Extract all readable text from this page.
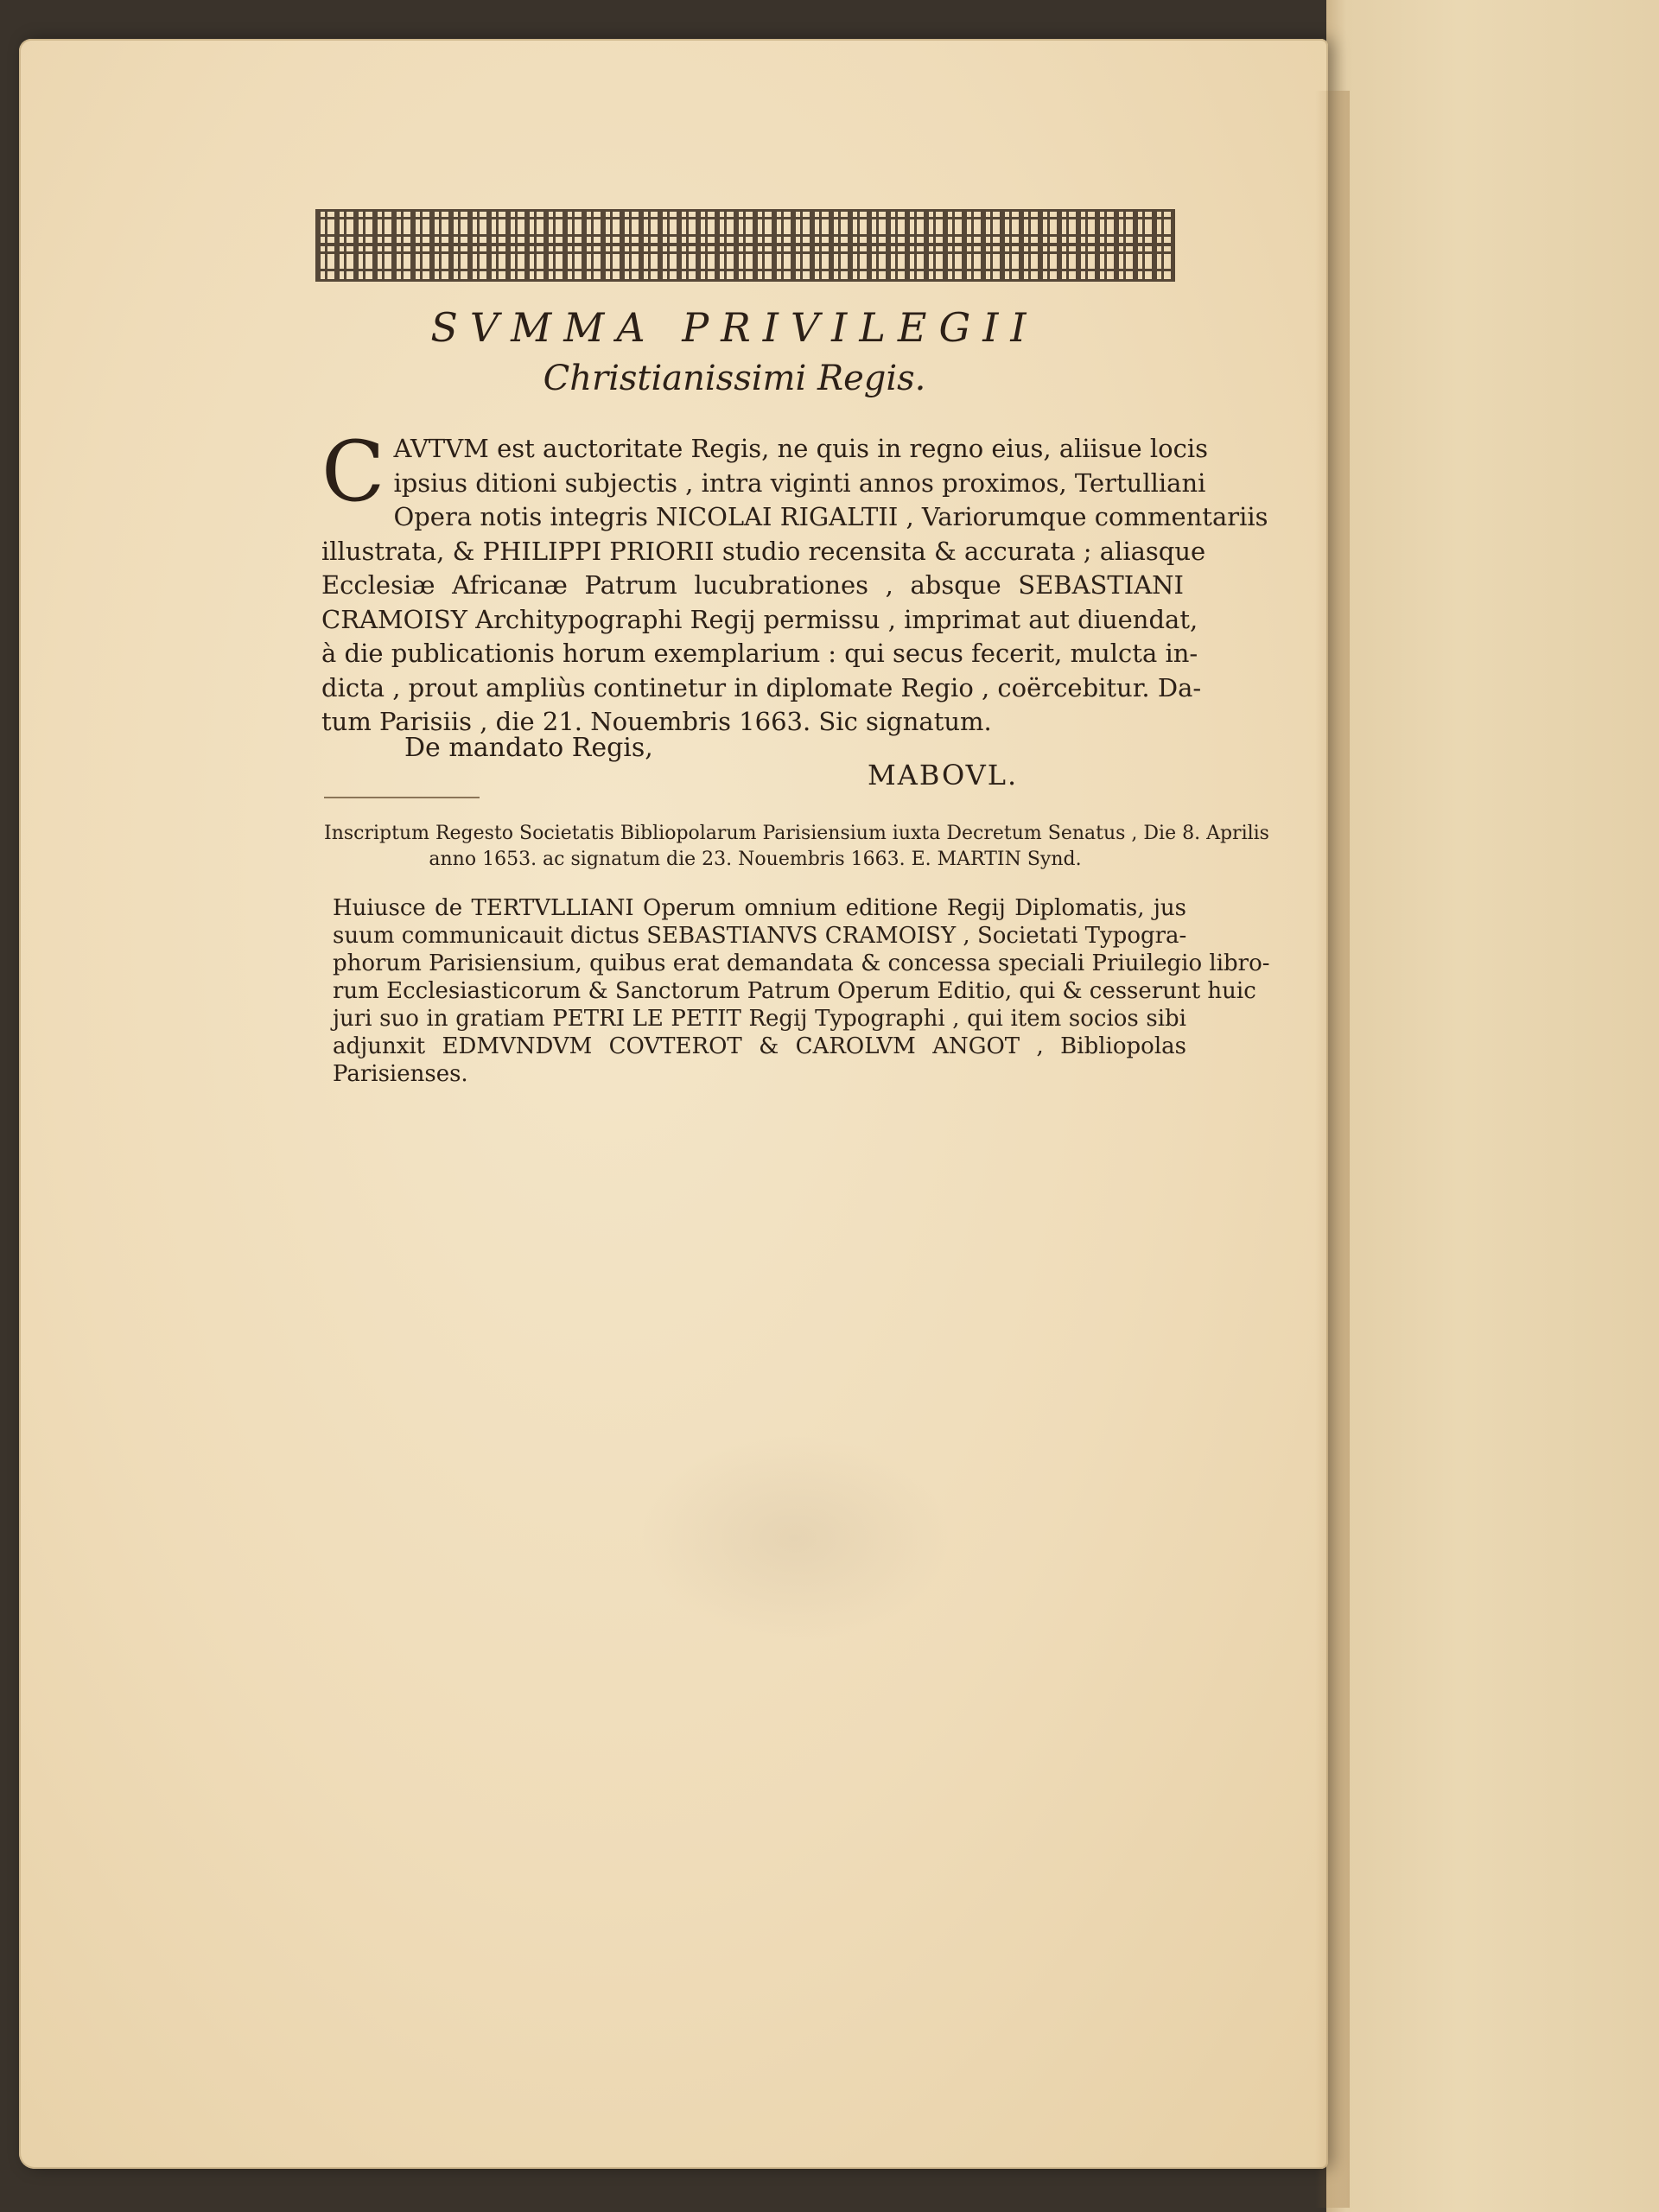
SVMMA PRIVILEGII
Christianissimi Regis.
C AVTVM est auctoritate Regis, ne quis in regno eius, aliisue locis
ipsius ditioni subjectis , intra viginti annos proximos, Tertulliani
Opera notis integris NICOLAI RIGALTII , Variorumque commentariis
illustrata, & PHILIPPI PRIORII studio recensita & accurata ; aliasque
Ecclesiæ Africanæ Patrum lucubrationes , absque SEBASTIANI
CRAMOISY Architypographi Regij permissu , imprimat aut diuendat,
à die publicationis horum exemplarium : qui secus fecerit, mulcta in-
dicta , prout ampliùs continetur in diplomate Regio , coërcebitur. Da-
tum Parisiis , die 21. Nouembris 1663. Sic signatum.
De mandato Regis,
MABOVL.
Inscriptum Regesto Societatis Bibliopolarum Parisiensium iuxta Decretum Senatus , Die 8. Aprilis
anno 1653. ac signatum die 23. Nouembris 1663. E. MARTIN Synd.
Huiusce de TERTVLLIANI Operum omnium editione Regij Diplomatis, jus
suum communicauit dictus SEBASTIANVS CRAMOISY , Societati Typogra-
phorum Parisiensium, quibus erat demandata & concessa speciali Priuilegio libro-
rum Ecclesiasticorum & Sanctorum Patrum Operum Editio, qui & cesserunt huic
juri suo in gratiam PETRI LE PETIT Regij Typographi , qui item socios sibi
adjunxit EDMVNDVM COVTEROT & CAROLVM ANGOT , Bibliopolas
Parisienses.
